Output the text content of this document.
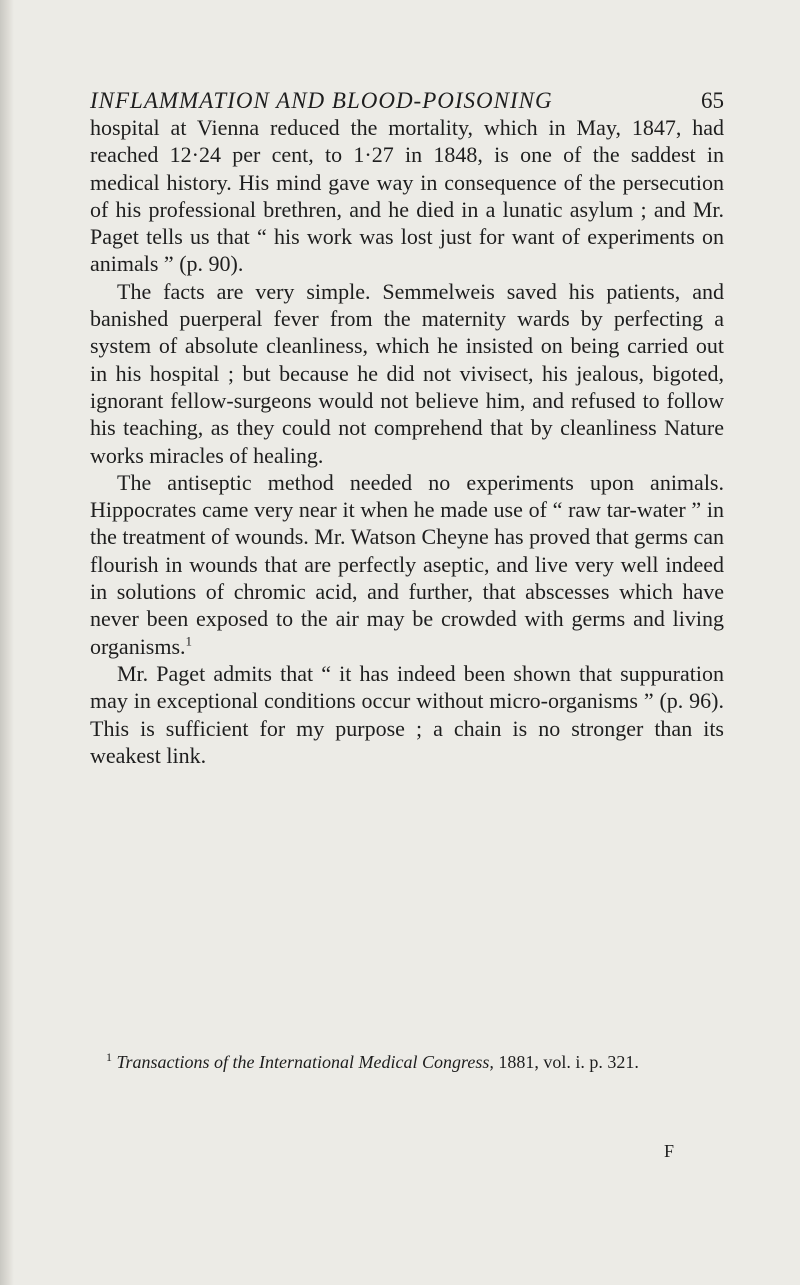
INFLAMMATION AND BLOOD-POISONING	65

hospital at Vienna reduced the mortality, which in May, 1847, had reached 12·24 per cent, to 1·27 in 1848, is one of the saddest in medical history. His mind gave way in consequence of the persecution of his professional brethren, and he died in a lunatic asylum ; and Mr. Paget tells us that “ his work was lost just for want of experiments on animals ” (p. 90).

The facts are very simple. Semmelweis saved his patients, and banished puerperal fever from the maternity wards by perfecting a system of absolute cleanliness, which he insisted on being carried out in his hospital ; but because he did not vivisect, his jealous, bigoted, ignorant fellow-surgeons would not believe him, and refused to follow his teaching, as they could not comprehend that by cleanliness Nature works miracles of healing.

The antiseptic method needed no experiments upon animals. Hippocrates came very near it when he made use of “ raw tar-water ” in the treatment of wounds. Mr. Watson Cheyne has proved that germs can flourish in wounds that are perfectly aseptic, and live very well indeed in solutions of chromic acid, and further, that abscesses which have never been exposed to the air may be crowded with germs and living organisms.$^1$

Mr. Paget admits that “ it has indeed been shown that suppuration may in exceptional conditions occur without micro-organisms ” (p. 96). This is sufficient for my purpose ; a chain is no stronger than its weakest link.

$^1$ Transactions of the International Medical Congress, 1881, vol. i. p. 321.
F
